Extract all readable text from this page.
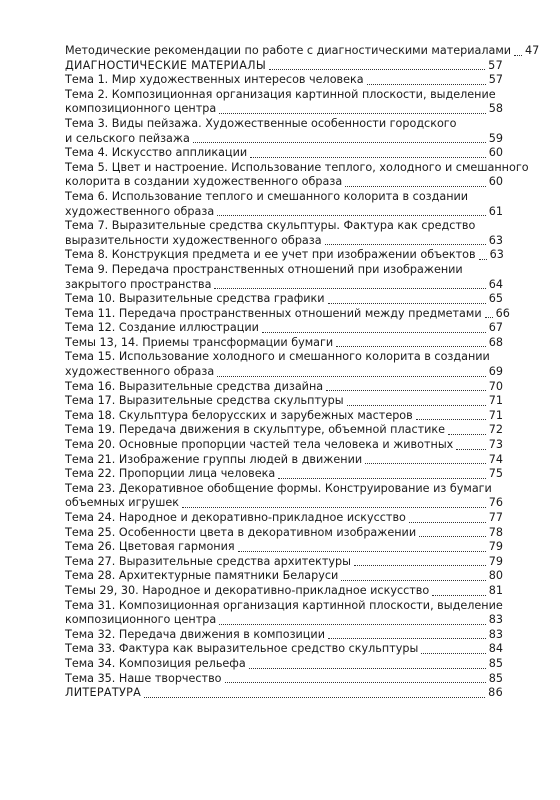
Методические рекомендации по работе с диагностическими материалами 47
ДИАГНОСТИЧЕСКИЕ МАТЕРИАЛЫ	57
Тема 1. Мир художественных интересов человека	57
Тема 2. Композиционная организация картинной плоскости, выделение
композиционного центра	58
Тема 3. Виды пейзажа. Художественные особенности городского
и сельского пейзажа	59
Тема 4. Искусство аппликации	60
Тема 5. Цвет и настроение. Использование теплого, холодного и смешанного
колорита в создании художественного образа	60
Тема 6. Использование теплого и смешанного колорита в создании
художественного образа	61
Тема 7. Выразительные средства скульптуры. Фактура как средство
выразительности художественного образа	63
Тема 8. Конструкция предмета и ее учет при изображении объектов 63
Тема 9. Передача пространственных отношений при изображении
закрытого пространства	64
Тема 10. Выразительные средства графики	65
Тема 11. Передача пространственных отношений между предметами 66
Тема 12. Создание иллюстрации	67
Темы 13, 14. Приемы трансформации бумаги	68
Тема 15. Использование холодного и смешанного колорита в создании
художественного образа	69
Тема 16. Выразительные средства дизайна	70
Тема 17. Выразительные средства скульптуры	71
Тема 18. Скульптура белорусских и зарубежных мастеров	71
Тема 19. Передача движения в скульптуре, объемной пластике	72
Тема 20. Основные пропорции частей тела человека и животных	73
Тема 21. Изображение группы людей в движении	74
Тема 22. Пропорции лица человека	75
Тема 23. Декоративное обобщение формы. Конструирование из бумаги
объемных игрушек	76
Тема 24. Народное и декоративно-прикладное искусство	77
Тема 25. Особенности цвета в декоративном изображении	78
Тема 26. Цветовая гармония	79
Тема 27. Выразительные средства архитектуры	79
Тема 28. Архитектурные памятники Беларуси	80
Темы 29, 30. Народное и декоративно-прикладное искусство	81
Тема 31. Композиционная организация картинной плоскости, выделение
композиционного центра	83
Тема 32. Передача движения в композиции	83
Тема 33. Фактура как выразительное средство скульптуры	84
Тема 34. Композиция рельефа	85
Тема 35. Наше творчество	85
ЛИТЕРАТУРА	86
